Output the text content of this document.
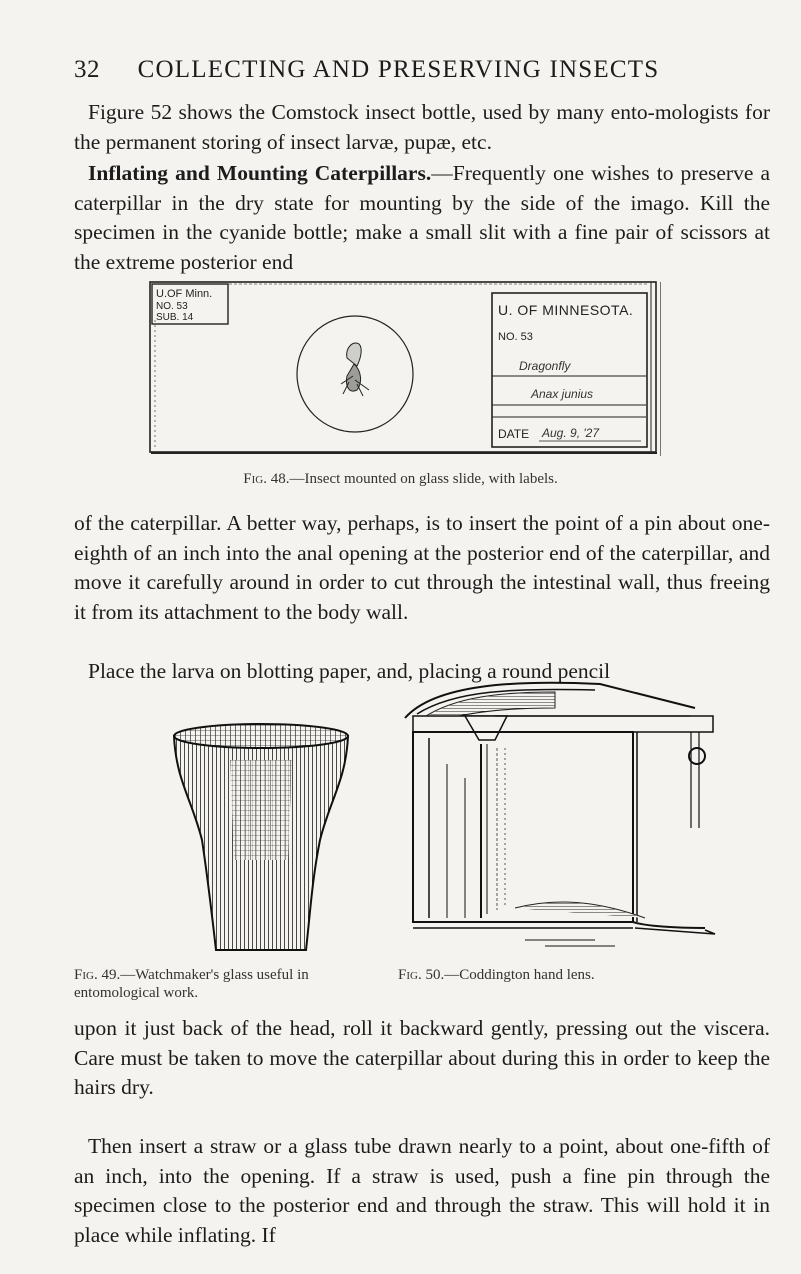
32	COLLECTING AND PRESERVING INSECTS

Figure 52 shows the Comstock insect bottle, used by many ento-mologists for the permanent storing of insect larvæ, pupæ, etc.

Inflating and Mounting Caterpillars.—Frequently one wishes to preserve a caterpillar in the dry state for mounting by the side of the imago. Kill the specimen in the cyanide bottle; make a small slit with a fine pair of scissors at the extreme posterior end

U.OF Minn.
NO. 53
SUB. 14	U. OF MINNESOTA.
NO. 53
Dragonfly
Anax junius
DATE Aug. 9, '27
Fig. 48.—Insect mounted on glass slide, with labels.

of the caterpillar. A better way, perhaps, is to insert the point of a pin about one-eighth of an inch into the anal opening at the posterior end of the caterpillar, and move it carefully around in order to cut through the intestinal wall, thus freeing it from its attachment to the body wall.

Place the larva on blotting paper, and, placing a round pencil

Fig. 49.—Watchmaker's glass useful in entomological work.
Fig. 50.—Coddington hand lens.

upon it just back of the head, roll it backward gently, pressing out the viscera. Care must be taken to move the caterpillar about during this in order to keep the hairs dry.

Then insert a straw or a glass tube drawn nearly to a point, about one-fifth of an inch, into the opening. If a straw is used, push a fine pin through the specimen close to the posterior end and through the straw. This will hold it in place while inflating. If
